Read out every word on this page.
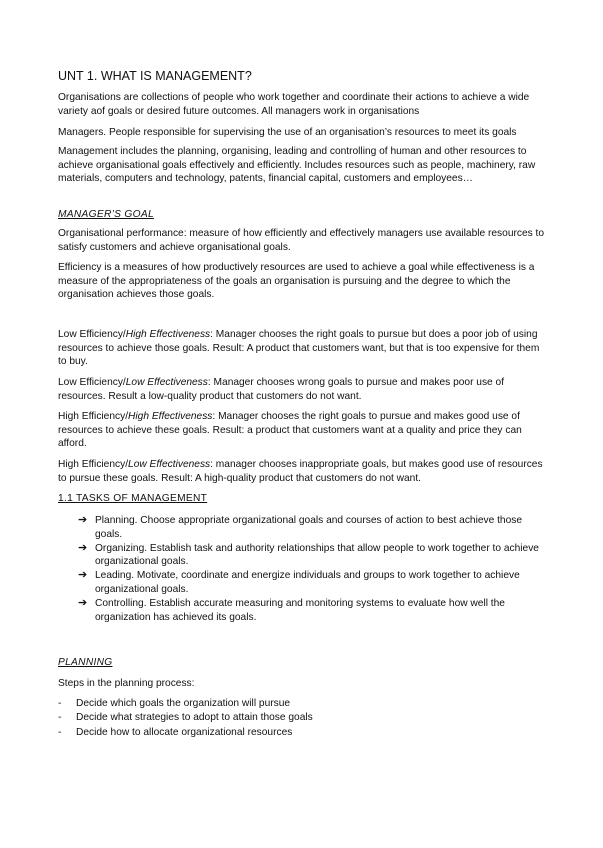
UNT 1. WHAT IS MANAGEMENT?
Organisations are collections of people who work together and coordinate their actions to achieve a wide variety aof goals or desired future outcomes. All managers work in organisations
Managers. People responsible for supervising the use of an organisation’s resources to meet its goals
Management includes the planning, organising, leading and controlling of human and other resources to achieve organisational goals effectively and efficiently. Includes resources such as people, machinery, raw materials, computers and technology, patents, financial capital, customers and employees…
MANAGER’S GOAL
Organisational performance: measure of how efficiently and effectively managers use available resources to satisfy customers and achieve organisational goals.
Efficiency is a measures of how productively resources are used to achieve a goal while effectiveness is a measure of the appropriateness of the goals an organisation is pursuing and the degree to which the organisation achieves those goals.
Low Efficiency/High Effectiveness: Manager chooses the right goals to pursue but does a poor job of using resources to achieve those goals. Result: A product that customers want, but that is too expensive for them to buy.
Low Efficiency/Low Effectiveness: Manager chooses wrong goals to pursue and makes poor use of resources. Result a low-quality product that customers do not want.
High Efficiency/High Effectiveness: Manager chooses the right goals to pursue and makes good use of resources to achieve these goals. Result: a product that customers want at a quality and price they can afford.
High Efficiency/Low Effectiveness: manager chooses inappropriate goals, but makes good use of resources to pursue these goals. Result: A high-quality product that customers do not want.
1.1 TASKS OF MANAGEMENT
➔ Planning. Choose appropriate organizational goals and courses of action to best achieve those goals.
➔ Organizing. Establish task and authority relationships that allow people to work together to achieve organizational goals.
➔ Leading. Motivate, coordinate and energize individuals and groups to work together to achieve organizational goals.
➔ Controlling. Establish accurate measuring and monitoring systems to evaluate how well the organization has achieved its goals.
PLANNING
Steps in the planning process:
- Decide which goals the organization will pursue
- Decide what strategies to adopt to attain those goals
- Decide how to allocate organizational resources
